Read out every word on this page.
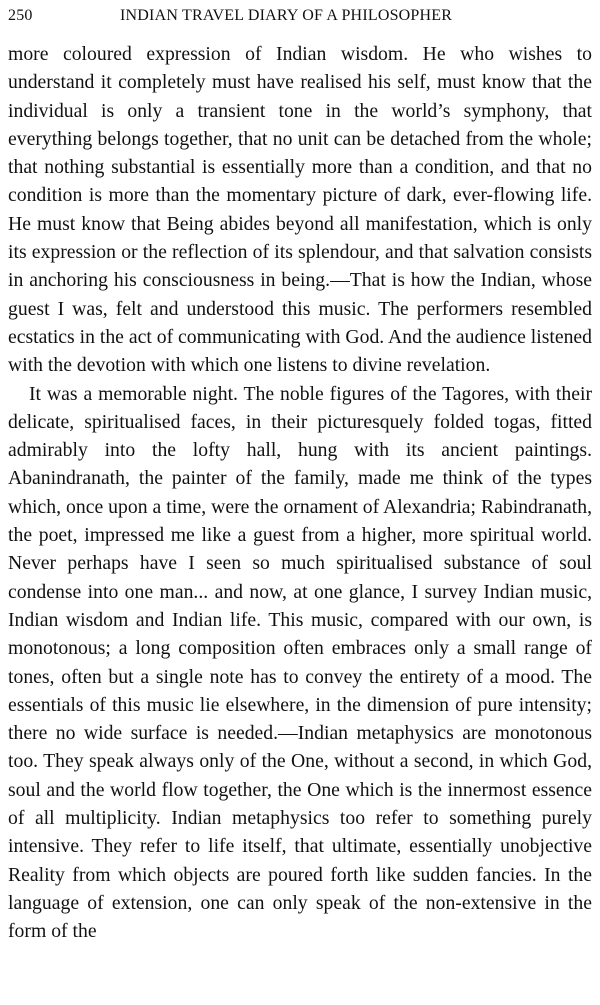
250	INDIAN TRAVEL DIARY OF A PHILOSOPHER

more coloured expression of Indian wisdom. He who wishes to understand it completely must have realised his self, must know that the individual is only a transient tone in the world’s symphony, that everything belongs together, that no unit can be detached from the whole; that nothing substantial is essentially more than a condition, and that no condition is more than the momentary picture of dark, ever-flowing life. He must know that Being abides beyond all manifestation, which is only its expression or the reflection of its splendour, and that salvation consists in anchoring his consciousness in being.—That is how the Indian, whose guest I was, felt and understood this music. The performers resembled ecstatics in the act of communicating with God. And the audience listened with the devotion with which one listens to divine revelation.

It was a memorable night. The noble figures of the Tagores, with their delicate, spiritualised faces, in their picturesquely folded togas, fitted admirably into the lofty hall, hung with its ancient paintings. Abanindranath, the painter of the family, made me think of the types which, once upon a time, were the ornament of Alexandria; Rabindranath, the poet, impressed me like a guest from a higher, more spiritual world. Never perhaps have I seen so much spiritualised substance of soul condense into one man... and now, at one glance, I survey Indian music, Indian wisdom and Indian life. This music, compared with our own, is monotonous; a long composition often embraces only a small range of tones, often but a single note has to convey the entirety of a mood. The essentials of this music lie elsewhere, in the dimension of pure intensity; there no wide surface is needed.—Indian metaphysics are monotonous too. They speak always only of the One, without a second, in which God, soul and the world flow together, the One which is the innermost essence of all multiplicity. Indian metaphysics too refer to something purely intensive. They refer to life itself, that ultimate, essentially unobjective Reality from which objects are poured forth like sudden fancies. In the language of extension, one can only speak of the non-extensive in the form of the
